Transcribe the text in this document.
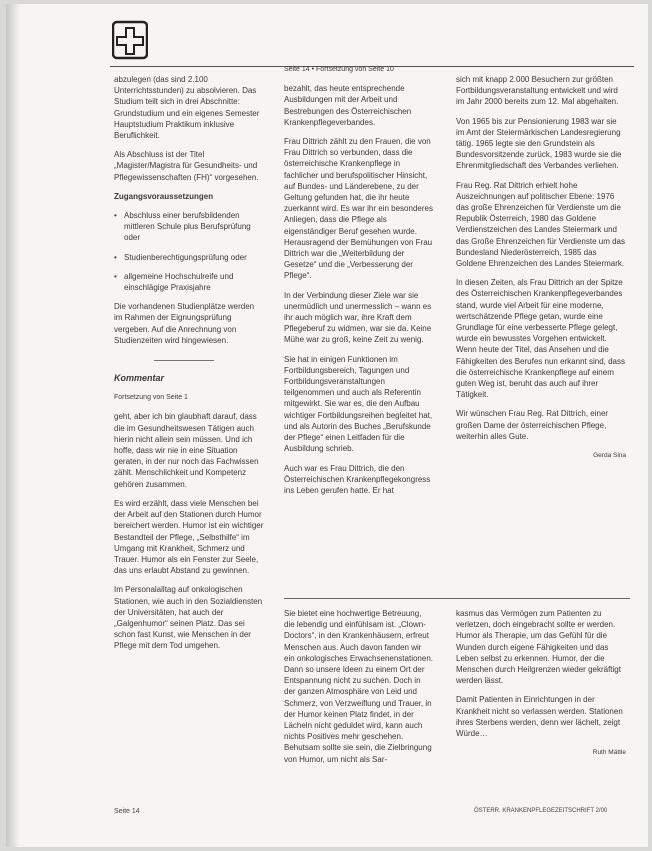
abzulegen (das sind 2.100 Unterrichtsstunden) zu absolvieren. Das Studium teilt sich in drei Abschnitte: Grundstudium und ein eigenes Semester Hauptstudium Praktikum inklusive Beruflichkeit.

Als Abschluss ist der Titel „Magister/Magistra für Gesundheits- und Pflegewissenschaften (FH)“ vorgesehen.

Zugangsvoraussetzungen

• Abschluss einer berufsbildenden mittleren Schule plus Berufsprüfung oder

• Studienberechtigungsprüfung oder

• allgemeine Hochschulreife und einschlägige Praxisjahre

Die vorhandenen Studienplätze werden im Rahmen der Eignungsprüfung vergeben. Auf die Anrechnung von Studienzeiten wird hingewiesen.

Kommentar

Fortsetzung von Seite 1

geht, aber ich bin glaubhaft darauf, dass die im Gesundheitswesen Tätigen auch hierin nicht allein sein müssen. Und ich hoffe, dass wir nie in eine Situation geraten, in der nur noch das Fachwissen zählt. Menschlichkeit und Kompetenz gehören zusammen.

Es wird erzählt, dass viele Menschen bei der Arbeit auf den Stationen durch Humor bereichert werden. Humor ist ein wichtiger Bestandteil der Pflege, „Selbsthilfe“ im Umgang mit Krankheit, Schmerz und Trauer. Humor als ein Fenster zur Seele, das uns erlaubt Abstand zu gewinnen.

Im Personalalltag auf onkologischen Stationen, wie auch in den Sozialdiensten der Universitäten, hat auch der „Galgenhumor“ seinen Platz. Das sei schon fast Kunst, wie Menschen in der Pflege mit dem Tod umgehen.

Seite 14 • Fortsetzung von Seite 10

bezahlt, das heute entsprechende Ausbildungen mit der Arbeit und Bestrebungen des Österreichischen Krankenpflegeverbandes.

Frau Dittrich zählt zu den Frauen, die von Frau Dittrich so verbunden, dass die österreichische Krankenpflege in fachlicher und berufspolitischer Hinsicht, auf Bundes- und Länderebene, zu der Geltung gefunden hat, die ihr heute zuerkannt wird. Es war ihr ein besonderes Anliegen, dass die Pflege als eigenständiger Beruf gesehen wurde. Herausragend der Bemühungen von Frau Dittrich war die „Weiterbildung der Gesetze“ und die „Verbesserung der Pflege“.

In der Verbindung dieser Ziele war sie unermüdlich und unermesslich – wann es ihr auch möglich war, ihre Kraft dem Pflegeberuf zu widmen, war sie da. Keine Mühe war zu groß, keine Zeit zu wenig.

Sie hat in einigen Funktionen im Fortbildungsbereich, Tagungen und Fortbildungsveranstaltungen teilgenommen und auch als Referentin mitgewirkt. Sie war es, die den Aufbau wichtiger Fortbildungsreihen begleitet hat, und als Autorin des Buches „Berufskunde der Pflege“ einen Leitfaden für die Ausbildung schrieb.

Auch war es Frau Dittrich, die den Österreichischen Krankenpflegekongress ins Leben gerufen hatte. Er hat

sich mit knapp 2.000 Besuchern zur größten Fortbildungsveranstaltung entwickelt und wird im Jahr 2000 bereits zum 12. Mal abgehalten.

Von 1965 bis zur Pensionierung 1983 war sie im Amt der Steiermärkischen Landesregierung tätig. 1965 legte sie den Grundstein als Bundesvorsitzende zurück, 1983 wurde sie die Ehrenmitgliedschaft des Verbandes verliehen.

Frau Reg. Rat Dittrich erhielt hohe Auszeichnungen auf politischer Ebene: 1976 das große Ehrenzeichen für Verdienste um die Republik Österreich, 1980 das Goldene Verdienstzeichen des Landes Steiermark und das Große Ehrenzeichen für Verdienste um das Bundesland Niederösterreich, 1985 das Goldene Ehrenzeichen des Landes Steiermark.

In diesen Zeiten, als Frau Dittrich an der Spitze des Österreichischen Krankenpflegeverbandes stand, wurde viel Arbeit für eine moderne, wertschätzende Pflege getan, wurde eine Grundlage für eine verbesserte Pflege gelegt, wurde ein bewusstes Vorgehen entwickelt. Wenn heute der Titel, das Ansehen und die Fähigkeiten des Berufes nun erkannt sind, dass die österreichische Krankenpflege auf einem guten Weg ist, beruht das auch auf ihrer Tätigkeit.

Wir wünschen Frau Reg. Rat Dittrich, einer großen Dame der österreichischen Pflege, weiterhin alles Gute.

Gerda Sina

Sie bietet eine hochwertige Betreuung, die lebendig und einfühlsam ist. „Clown-Doctors“, in den Krankenhäusern, erfreut Menschen aus. Auch davon fanden wir ein onkologisches Erwachsenenstationen. Dann so unsere Ideen zu einem Ort der Entspannung nicht zu suchen. Doch in der ganzen Atmosphäre von Leid und Schmerz, von Verzweiflung und Trauer, in der Humor keinen Platz findet, in der Lächeln nicht geduldet wird, kann auch nichts Positives mehr geschehen. Behutsam sollte sie sein, die Zielbringung von Humor, um nicht als Sar-

kasmus das Vermögen zum Patienten zu verletzen, doch eingebracht sollte er werden. Humor als Therapie, um das Gefühl für die Wunden durch eigene Fähigkeiten und das Leben selbst zu erkennen. Humor, der die Menschen durch Heilgrenzen wieder gekräftigt werden lässt.

Damit Patienten in Einrichtungen in der Krankheit nicht so verlassen werden. Stationen ihres Sterbens werden, denn wer lächelt, zeigt Würde…

Ruth Mättle

Seite 14	ÖSTERR. KRANKENPFLEGEZEITSCHRIFT 2/00
